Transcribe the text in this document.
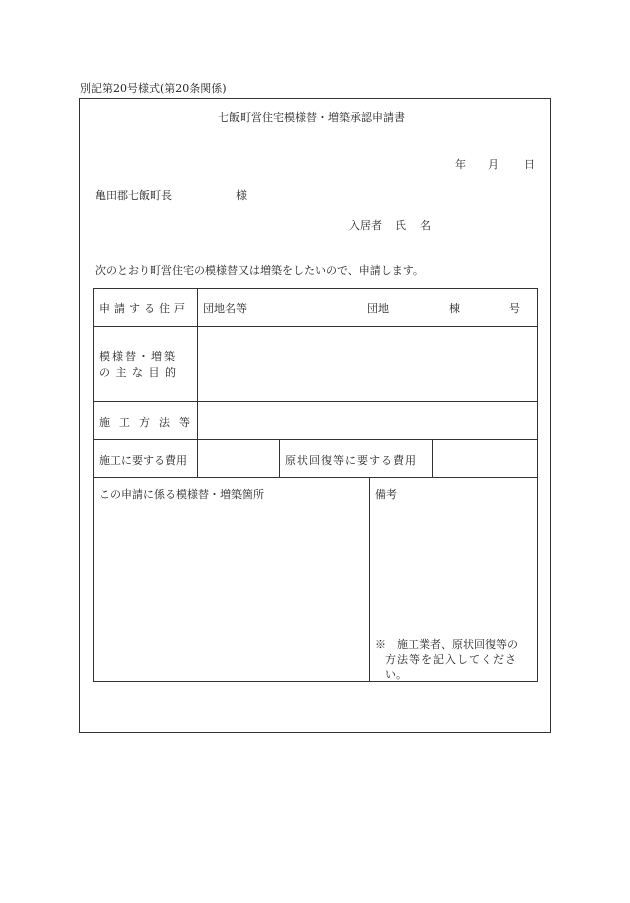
別記第20号様式(第20条関係)
七飯町営住宅模様替・増築承認申請書
年 月 日
亀田郡七飯町長	様
入居者 氏 名
次のとおり町営住宅の模様替又は増築をしたいので、申請します。
申請する住戸 団地名等	団地	棟	号
模様替・増築
の 主 な 目 的
施工方法等
施工に要する費用	原状回復等に要する費用
この申請に係る模様替・増築箇所	備考
※　施工業者、原状回復等の
方法等を記入してくださ
い。
